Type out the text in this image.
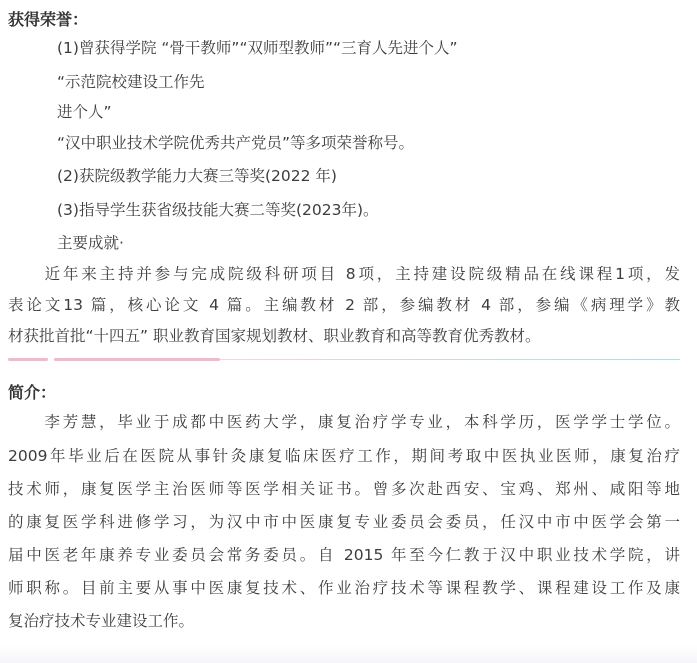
获得荣誉：
(1)曾获得学院 “骨干教师”“双师型教师”“三育人先进个人”
“示范院校建设工作先
进个人”
“汉中职业技术学院优秀共产党员”等多项荣誉称号。
(2)获院级教学能力大赛三等奖(2022 年)
(3)指导学生获省级技能大赛二等奖(2023年)。
主要成就·

　　近年来主持并参与完成院级科研项目 8项，主持建设院级精品在线课程1项，发

表论文13 篇，核心论文 4 篇。主编教材 2 部，参编教材 4 部，参编《病理学》教

材获批首批“十四五” 职业教育国家规划教材、职业教育和高等教育优秀教材。

简介：

　　李芳慧，毕业于成都中医药大学，康复治疗学专业，本科学历，医学学士学位。

2009年毕业后在医院从事针灸康复临床医疗工作，期间考取中医执业医师，康复治疗

技术师，康复医学主治医师等医学相关证书。曾多次赴西安、宝鸡、郑州、咸阳等地

的康复医学科进修学习，为汉中市中医康复专业委员会委员，任汉中市中医学会第一

届中医老年康养专业委员会常务委员。自 2015 年至今仁教于汉中职业技术学院，讲

师职称。目前主要从事中医康复技术、作业治疗技术等课程教学、课程建设工作及康

复治疗技术专业建设工作。
